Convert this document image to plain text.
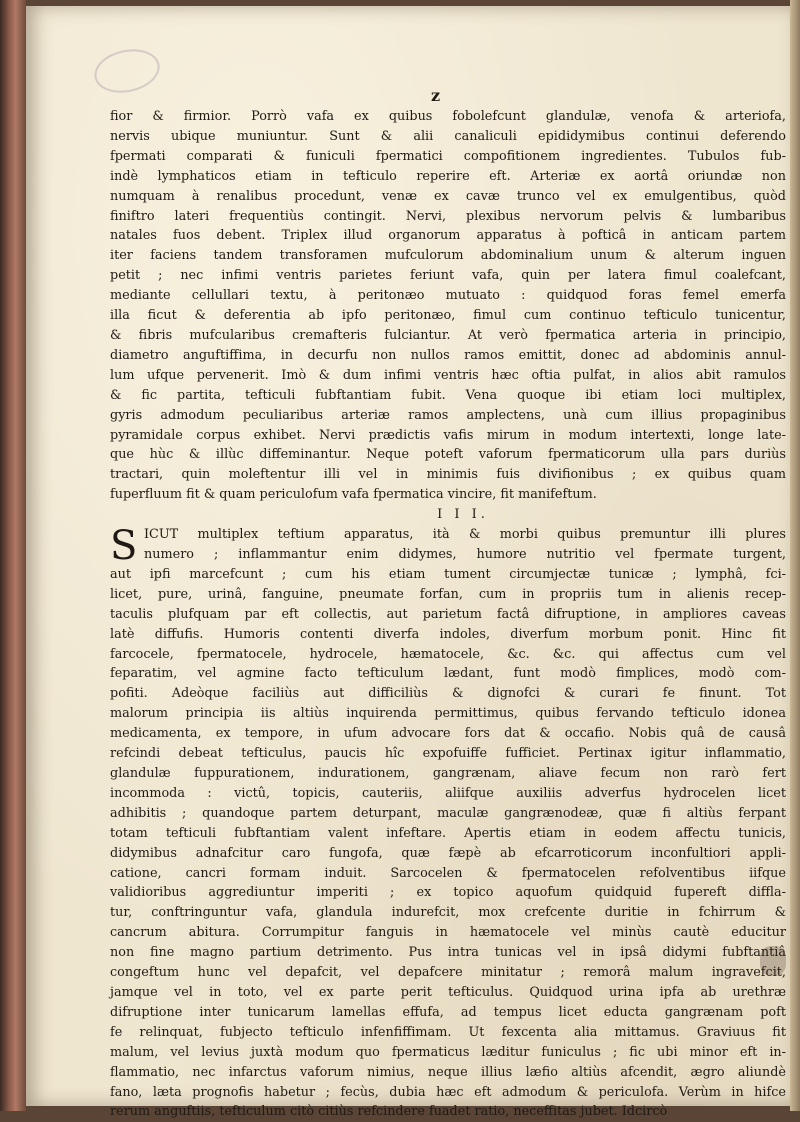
z
fior & firmior. Porrò vafa ex quibus fobolefcunt glandulæ, venofa & arteriofa,
nervis ubique muniuntur. Sunt & alii canaliculi epididymibus continui deferendo
fpermati comparati & funiculi fpermatici compofitionem ingredientes. Tubulos fub-
indè lymphaticos etiam in tefticulo reperire eft. Arteriæ ex aortâ oriundæ non
numquam à renalibus procedunt, venæ ex cavæ trunco vel ex emulgentibus, quòd
finiftro lateri frequentiùs contingit. Nervi, plexibus nervorum pelvis & lumbaribus
natales fuos debent. Triplex illud organorum apparatus à pofticâ in anticam partem
iter faciens tandem transforamen mufculorum abdominalium unum & alterum inguen
petit ; nec infimi ventris parietes feriunt vafa, quin per latera fimul coalefcant,
mediante cellullari textu, à peritonæo mutuato : quidquod foras femel emerfa
illa ficut & deferentia ab ipfo peritonæo, fimul cum continuo tefticulo tunicentur,
& fibris mufcularibus cremafteris fulciantur. At verò fpermatica arteria in principio,
diametro anguftiffima, in decurfu non nullos ramos emittit, donec ad abdominis annul-
lum ufque pervenerit. Imò & dum infimi ventris hæc oftia pulfat, in alios abit ramulos
& fic partita, tefticuli fubftantiam fubit. Vena quoque ibi etiam loci multiplex,
gyris admodum peculiaribus arteriæ ramos amplectens, unà cum illius propaginibus
pyramidale corpus exhibet. Nervi prædictis vafis mirum in modum intertexti, longe late-
que hùc & illùc diffeminantur. Neque poteft vaforum fpermaticorum ulla pars duriùs
tractari, quin moleftentur illi vel in minimis fuis divifionibus ; ex quibus quam
fuperfluum fit & quam periculofum vafa fpermatica vincire, fit manifeftum.
I I I.
S ICUT multiplex teftium apparatus, ità & morbi quibus premuntur illi plures
numero ; inflammantur enim didymes, humore nutritio vel fpermate turgent,
aut ipfi marcefcunt ; cum his etiam tument circumjectæ tunicæ ; lymphâ, fci-
licet, pure, urinâ, fanguine, pneumate forfan, cum in propriis tum in alienis recep-
taculis plufquam par eft collectis, aut parietum factâ difruptione, in ampliores caveas
latè diffufis. Humoris contenti diverfa indoles, diverfum morbum ponit. Hinc fit
farcocele, fpermatocele, hydrocele, hæmatocele, &c. &c. qui affectus cum vel
feparatim, vel agmine facto tefticulum lædant, funt modò fimplices, modò com-
pofiti. Adeòque faciliùs aut difficiliùs & dignofci & curari fe finunt. Tot
malorum principia iis altiùs inquirenda permittimus, quibus fervando tefticulo idonea
medicamenta, ex tempore, in ufum advocare fors dat & occafio. Nobis quâ de causâ
refcindi debeat tefticulus, paucis hîc expofuiffe fufficiet. Pertinax igitur inflammatio,
glandulæ fuppurationem, indurationem, gangrænam, aliave fecum non rarò fert
incommoda : victû, topicis, cauteriis, aliifque auxiliis adverfus hydrocelen licet
adhibitis ; quandoque partem deturpant, maculæ gangrænodeæ, quæ fi altiùs ferpant
totam tefticuli fubftantiam valent infeftare. Apertis etiam in eodem affectu tunicis,
didymibus adnafcitur caro fungofa, quæ fæpè ab efcarroticorum inconfultiori appli-
catione, cancri formam induit. Sarcocelen & fpermatocelen refolventibus iifque
validioribus aggrediuntur imperiti ; ex topico aquofum quidquid fupereft diffla-
tur, conftringuntur vafa, glandula indurefcit, mox crefcente duritie in fchirrum &
cancrum abitura. Corrumpitur fanguis in hæmatocele vel minùs cautè educitur
non fine magno partium detrimento. Pus intra tunicas vel in ipsâ didymi fubftantiâ
congeftum hunc vel depafcit, vel depafcere minitatur ; remorâ malum ingravefcit,
jamque vel in toto, vel ex parte perit tefticulus. Quidquod urina ipfa ab urethræ
difruptione inter tunicarum lamellas effufa, ad tempus licet educta gangrænam poft
fe relinquat, fubjecto tefticulo infenfiffimam. Ut fexcenta alia mittamus. Graviuus fit
malum, vel levius juxtà modum quo fpermaticus læditur funiculus ; fic ubi minor eft in-
flammatio, nec infarctus vaforum nimius, neque illius læfio altiùs afcendit, ægro aliundè
fano, læta prognofis habetur ; fecùs, dubia hæc eft admodum & periculofa. Verùm in hifce
rerum anguftiis, tefticulum citò citiùs refcindere fuadet ratio, neceffitas jubet. Idcircò
